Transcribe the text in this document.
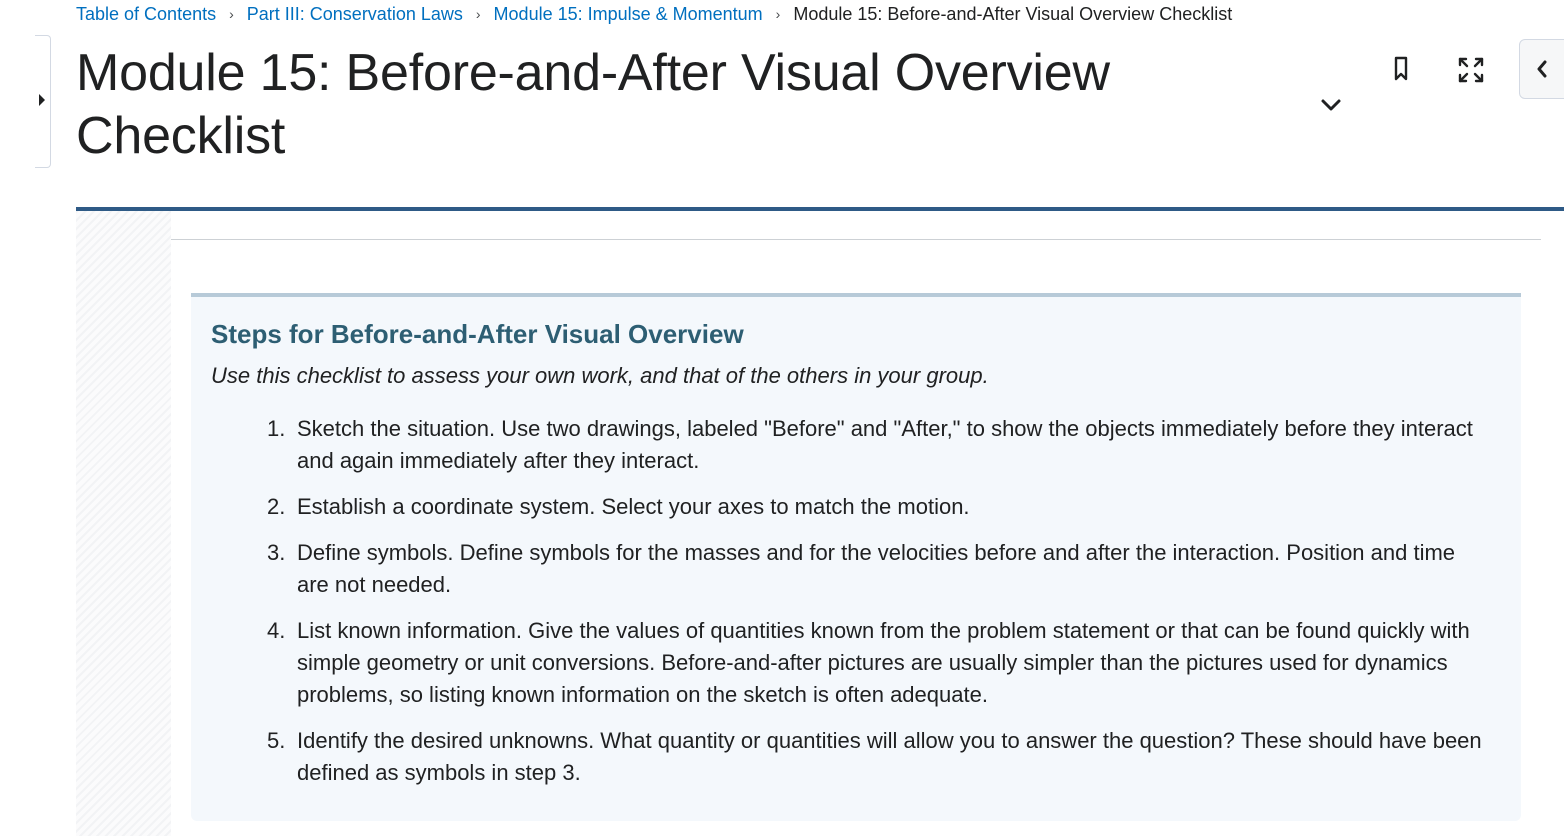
Table of Contents › Part III: Conservation Laws › Module 15: Impulse & Momentum › Module 15: Before-and-After Visual Overview Checklist
Module 15: Before-and-After Visual Overview Checklist
Steps for Before-and-After Visual Overview

Use this checklist to assess your own work, and that of the others in your group.

1. Sketch the situation. Use two drawings, labeled "Before" and "After," to show the objects immediately before they interact and again immediately after they interact.
2. Establish a coordinate system. Select your axes to match the motion.
3. Define symbols. Define symbols for the masses and for the velocities before and after the interaction. Position and time are not needed.
4. List known information. Give the values of quantities known from the problem statement or that can be found quickly with simple geometry or unit conversions. Before-and-after pictures are usually simpler than the pictures used for dynamics problems, so listing known information on the sketch is often adequate.
5. Identify the desired unknowns. What quantity or quantities will allow you to answer the question? These should have been defined as symbols in step 3.
